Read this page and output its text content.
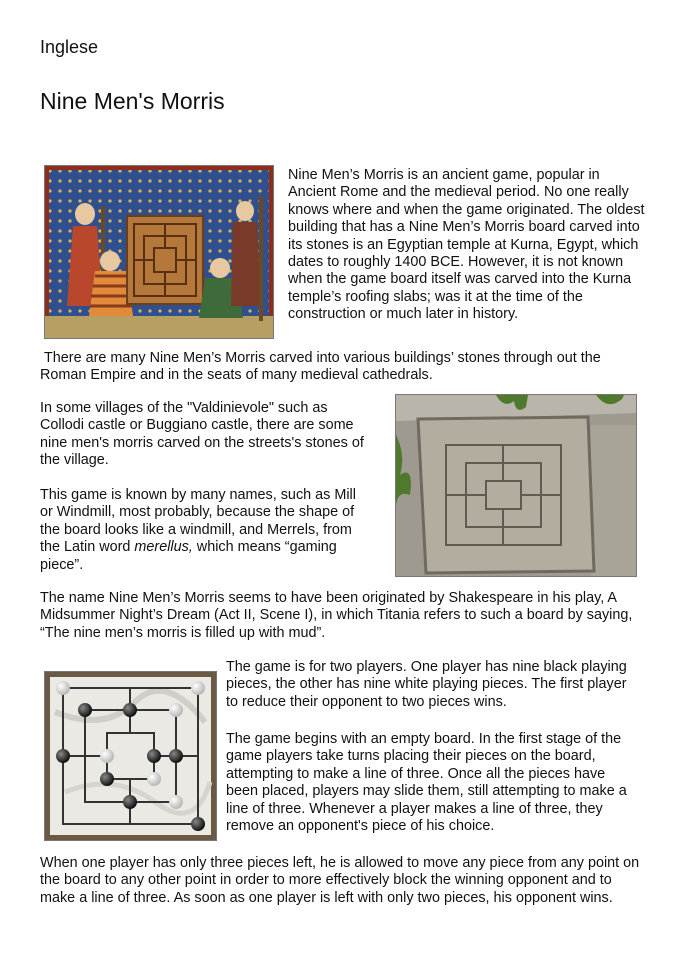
Inglese
Nine Men's Morris
Nine Men’s Morris is an ancient game, popular in Ancient Rome and the medieval period. No one really knows where and when the game originated. The oldest building that has a Nine Men’s Morris board carved into its stones is an Egyptian temple at Kurna, Egypt, which dates to roughly 1400 BCE. However, it is not known when the game board itself was carved into the Kurna temple’s roofing slabs; was it at the time of the construction or much later in history.
There are many Nine Men’s Morris carved into various buildings’ stones through out the Roman Empire and in the seats of many medieval cathedrals.
In some villages of the "Valdinievole" such as Collodi castle or Buggiano castle, there are some nine men's morris carved on the streets's stones of the village.
This game is known by many names, such as Mill or Windmill, most probably, because the shape of the board looks like a windmill, and Merrels, from the Latin word merellus, which means “gaming piece”.
The name Nine Men’s Morris seems to have been originated by Shakespeare in his play, A Midsummer Night’s Dream (Act II, Scene I), in which Titania refers to such a board by saying, “The nine men’s morris is filled up with mud”.
The game is for two players. One player has nine black playing pieces, the other has nine white playing pieces. The first player to reduce their opponent to two pieces wins.
The game begins with an empty board. In the first stage of the game players take turns placing their pieces on the board, attempting to make a line of three. Once all the pieces have been placed, players may slide them, still attempting to make a line of three. Whenever a player makes a line of three, they remove an opponent's piece of his choice.
When one player has only three pieces left, he is allowed to move any piece from any point on the board to any other point in order to more effectively block the winning opponent and to make a line of three. As soon as one player is left with only two pieces, his opponent wins.
